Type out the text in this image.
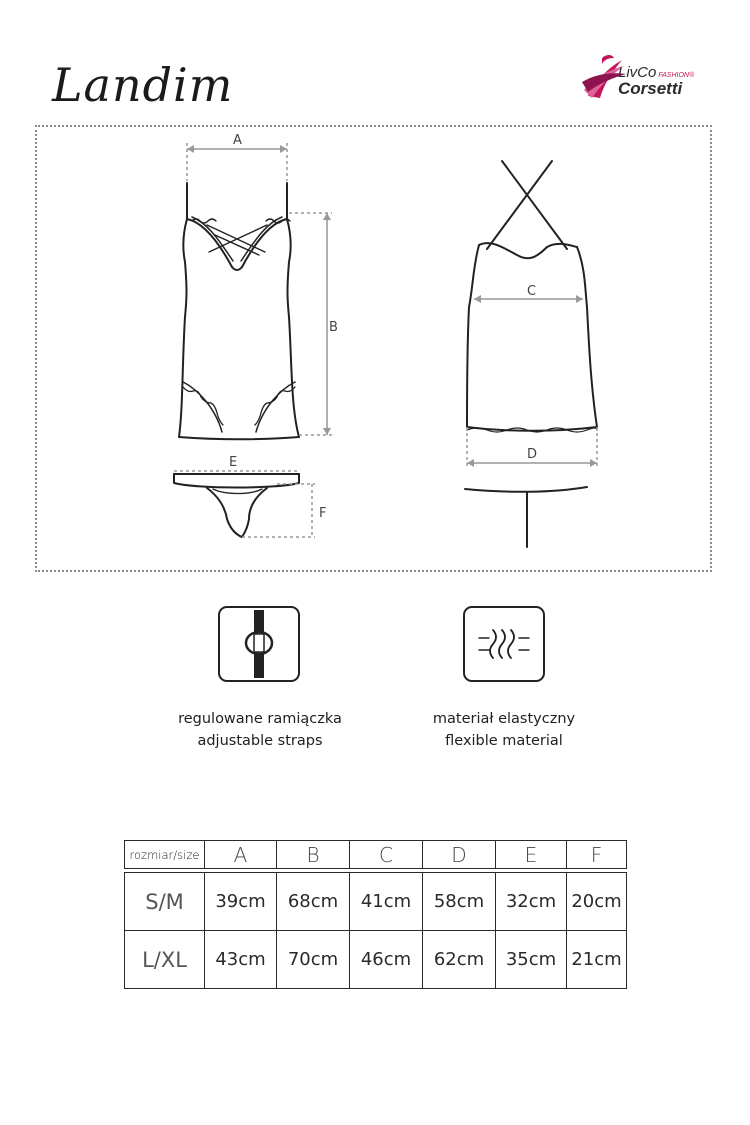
Landim	LivCo FASHION®
Corsetti
A
B
C
D
E
F
regulowane ramiączka
adjustable straps
materiał elastyczny
flexible material
rozmiar/size	A	B	C	D	E	F

S/M	39cm	68cm	41cm	58cm	32cm	20cm
L/XL	43cm	70cm	46cm	62cm	35cm	21cm
